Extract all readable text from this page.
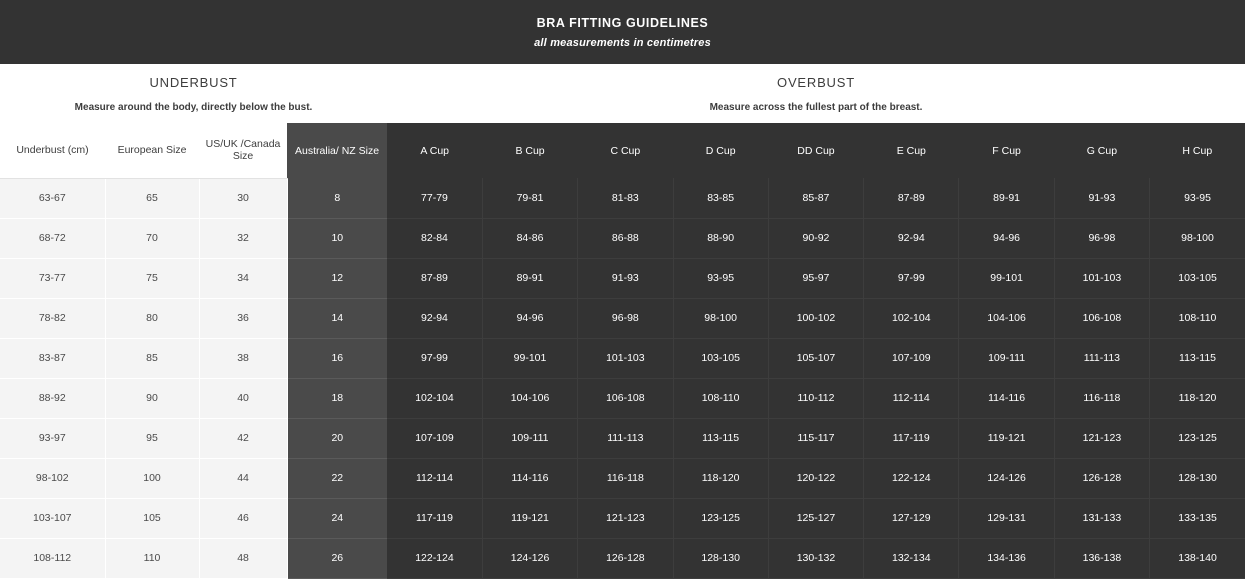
BRA FITTING GUIDELINES
all measurements in centimetres
UNDERBUST
Measure around the body, directly below the bust.
OVERBUST
Measure across the fullest part of the breast.
Underbust (cm)	European Size	US/UK /Canada Size	Australia/ NZ Size	A Cup	B Cup	C Cup	D Cup	DD Cup	E Cup	F Cup	G Cup	H Cup
63-67	65	30	8	77-79	79-81	81-83	83-85	85-87	87-89	89-91	91-93	93-95
68-72	70	32	10	82-84	84-86	86-88	88-90	90-92	92-94	94-96	96-98	98-100
73-77	75	34	12	87-89	89-91	91-93	93-95	95-97	97-99	99-101	101-103	103-105
78-82	80	36	14	92-94	94-96	96-98	98-100	100-102	102-104	104-106	106-108	108-110
83-87	85	38	16	97-99	99-101	101-103	103-105	105-107	107-109	109-111	111-113	113-115
88-92	90	40	18	102-104	104-106	106-108	108-110	110-112	112-114	114-116	116-118	118-120
93-97	95	42	20	107-109	109-111	111-113	113-115	115-117	117-119	119-121	121-123	123-125
98-102	100	44	22	112-114	114-116	116-118	118-120	120-122	122-124	124-126	126-128	128-130
103-107	105	46	24	117-119	119-121	121-123	123-125	125-127	127-129	129-131	131-133	133-135
108-112	110	48	26	122-124	124-126	126-128	128-130	130-132	132-134	134-136	136-138	138-140
